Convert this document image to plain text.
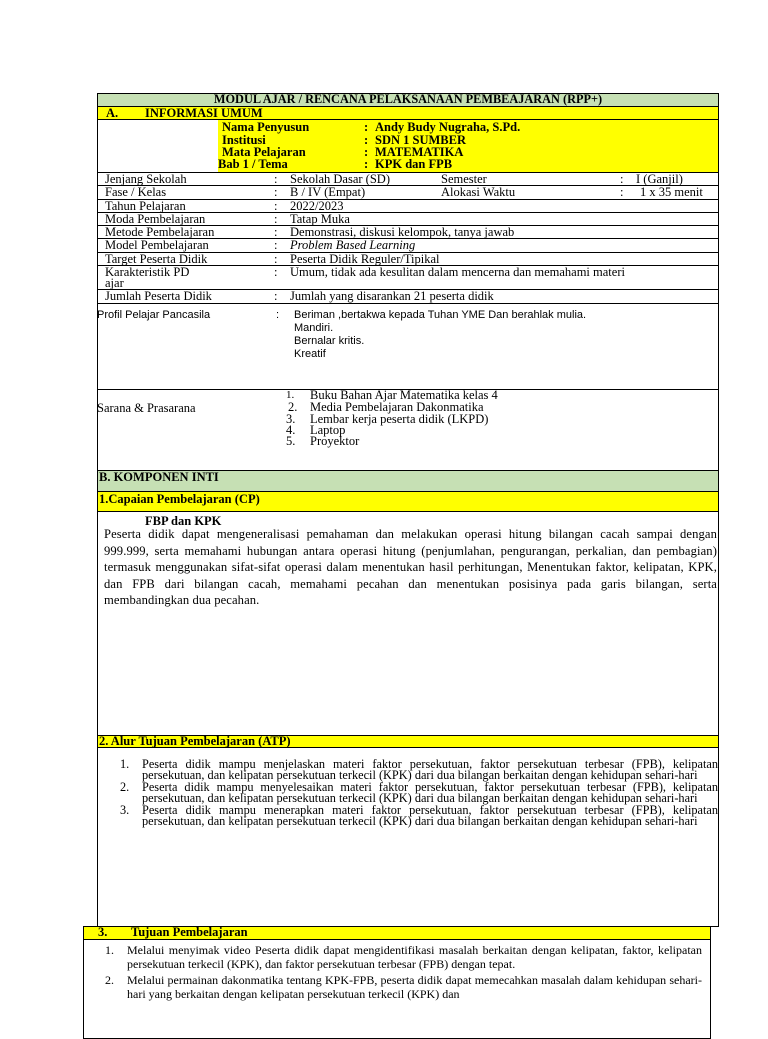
MODUL AJAR / RENCANA PELAKSANAAN PEMBEAJARAN (RPP+)
A. INFORMASI UMUM
Nama Penyusun	: Andy Budy Nugraha, S.Pd.
Institusi	: SDN 1 SUMBER
Mata Pelajaran	: MATEMATIKA
Bab 1 / Tema	: KPK dan FPB
Jenjang Sekolah	: Sekolah Dasar (SD)	Semester	: I (Ganjil)
Fase / Kelas	: B / IV (Empat)	Alokasi Waktu	: 1 x 35 menit
Tahun Pelajaran	: 2022/2023
Moda Pembelajaran	: Tatap Muka
Metode Pembelajaran	: Demonstrasi, diskusi kelompok, tanya jawab
Model Pembelajaran	: Problem Based Learning
Target Peserta Didik	: Peserta Didik Reguler/Tipikal
Karakteristik PD
ajar
: Umum, tidak ada kesulitan dalam mencerna dan memahami materi
Jumlah Peserta Didik	: Jumlah yang disarankan 21 peserta didik
Profil Pelajar Pancasila	: Beriman ,bertakwa kepada Tuhan YME Dan berahlak mulia.
Mandiri.
Bernalar kritis.
Kreatif
Sarana & Prasarana
1. Buku Bahan Ajar Matematika kelas 4
2. Media Pembelajaran Dakonmatika
3. Lembar kerja peserta didik (LKPD)
4. Laptop
5. Proyektor
B. KOMPONEN INTI
1.Capaian Pembelajaran (CP)
FBP dan KPK
Peserta didik dapat mengeneralisasi pemahaman dan melakukan operasi hitung bilangan cacah sampai dengan 999.999, serta memahami hubungan antara operasi hitung (penjumlahan, pengurangan, perkalian, dan pembagian) termasuk menggunakan sifat-sifat operasi dalam menentukan hasil perhitungan, Menentukan faktor, kelipatan, KPK, dan FPB dari bilangan cacah, memahami pecahan dan menentukan posisinya pada garis bilangan, serta membandingkan dua pecahan.
2. Alur Tujuan Pembelajaran (ATP)
1. Peserta didik mampu menjelaskan materi faktor persekutuan, faktor persekutuan terbesar (FPB), kelipatan persekutuan, dan kelipatan persekutuan terkecil (KPK) dari dua bilangan berkaitan dengan kehidupan sehari-hari
2. Peserta didik mampu menyelesaikan materi faktor persekutuan, faktor persekutuan terbesar (FPB), kelipatan persekutuan, dan kelipatan persekutuan terkecil (KPK) dari dua bilangan berkaitan dengan kehidupan sehari-hari
3. Peserta didik mampu menerapkan materi faktor persekutuan, faktor persekutuan terbesar (FPB), kelipatan persekutuan, dan kelipatan persekutuan terkecil (KPK) dari dua bilangan berkaitan dengan kehidupan sehari-hari
3. Tujuan Pembelajaran
1. Melalui menyimak video Peserta didik dapat mengidentifikasi masalah berkaitan dengan kelipatan, faktor, kelipatan persekutuan terkecil (KPK), dan faktor persekutuan terbesar (FPB) dengan tepat.
2. Melalui permainan dakonmatika tentang KPK-FPB, peserta didik dapat memecahkan masalah dalam kehidupan sehari-hari yang berkaitan dengan kelipatan persekutuan terkecil (KPK) dan
